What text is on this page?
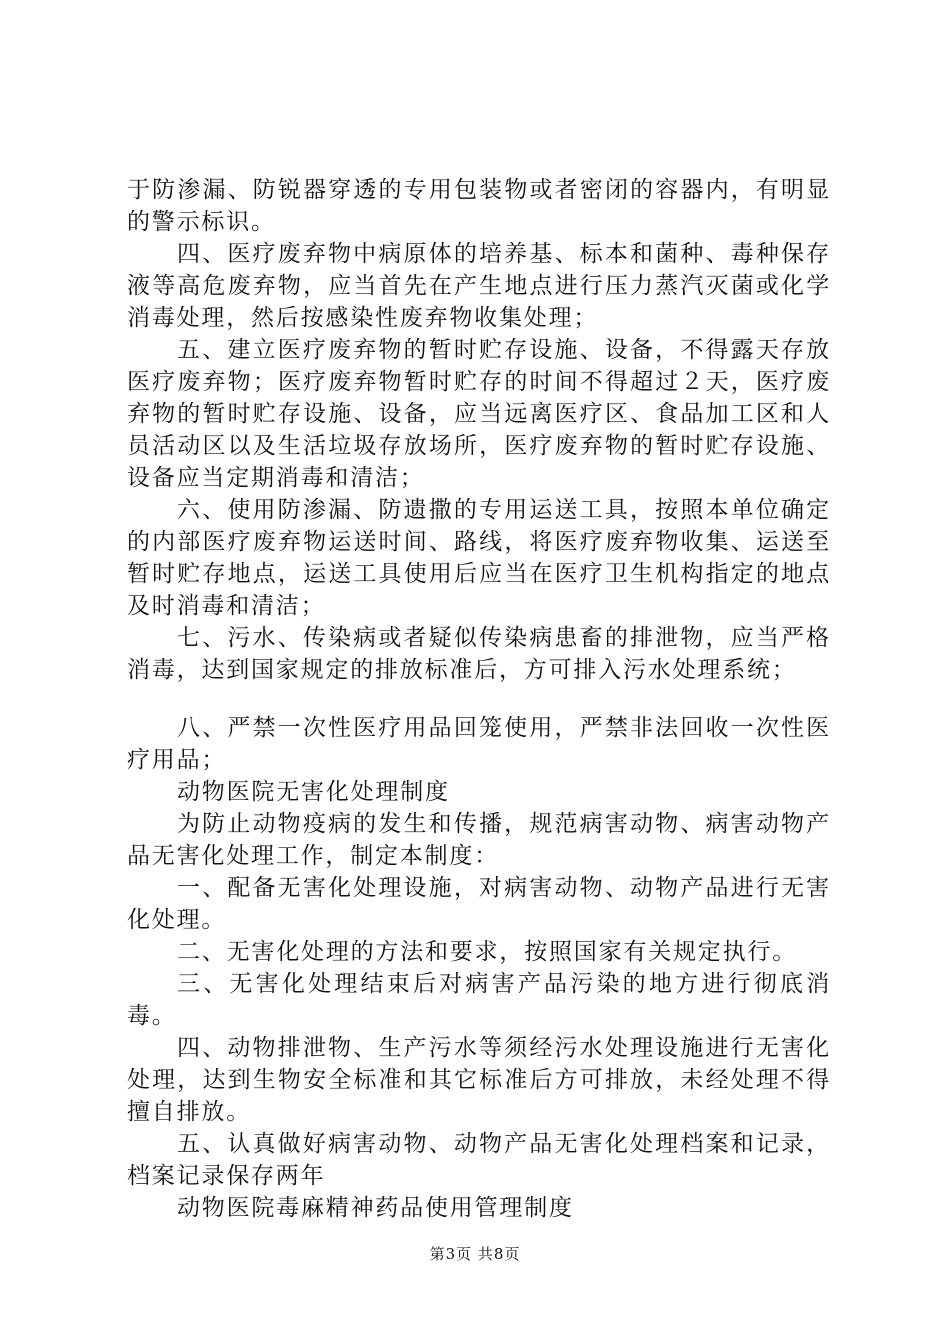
于防渗漏、防锐器穿透的专用包装物或者密闭的容器内，有明显的警示标识。

四、医疗废弃物中病原体的培养基、标本和菌种、毒种保存液等高危废弃物，应当首先在产生地点进行压力蒸汽灭菌或化学消毒处理，然后按感染性废弃物收集处理；

五、建立医疗废弃物的暂时贮存设施、设备，不得露天存放医疗废弃物；医疗废弃物暂时贮存的时间不得超过２天，医疗废弃物的暂时贮存设施、设备，应当远离医疗区、食品加工区和人员活动区以及生活垃圾存放场所，医疗废弃物的暂时贮存设施、设备应当定期消毒和清洁；

六、使用防渗漏、防遗撒的专用运送工具，按照本单位确定的内部医疗废弃物运送时间、路线，将医疗废弃物收集、运送至暂时贮存地点，运送工具使用后应当在医疗卫生机构指定的地点及时消毒和清洁；

七、污水、传染病或者疑似传染病患畜的排泄物，应当严格消毒，达到国家规定的排放标准后，方可排入污水处理系统；

八、严禁一次性医疗用品回笼使用，严禁非法回收一次性医疗用品；

动物医院无害化处理制度

为防止动物疫病的发生和传播，规范病害动物、病害动物产品无害化处理工作，制定本制度：

一、配备无害化处理设施，对病害动物、动物产品进行无害化处理。

二、无害化处理的方法和要求，按照国家有关规定执行。

三、无害化处理结束后对病害产品污染的地方进行彻底消毒。

四、动物排泄物、生产污水等须经污水处理设施进行无害化处理，达到生物安全标准和其它标准后方可排放，未经处理不得擅自排放。

五、认真做好病害动物、动物产品无害化处理档案和记录，档案记录保存两年

动物医院毒麻精神药品使用管理制度

第3页 共8页
